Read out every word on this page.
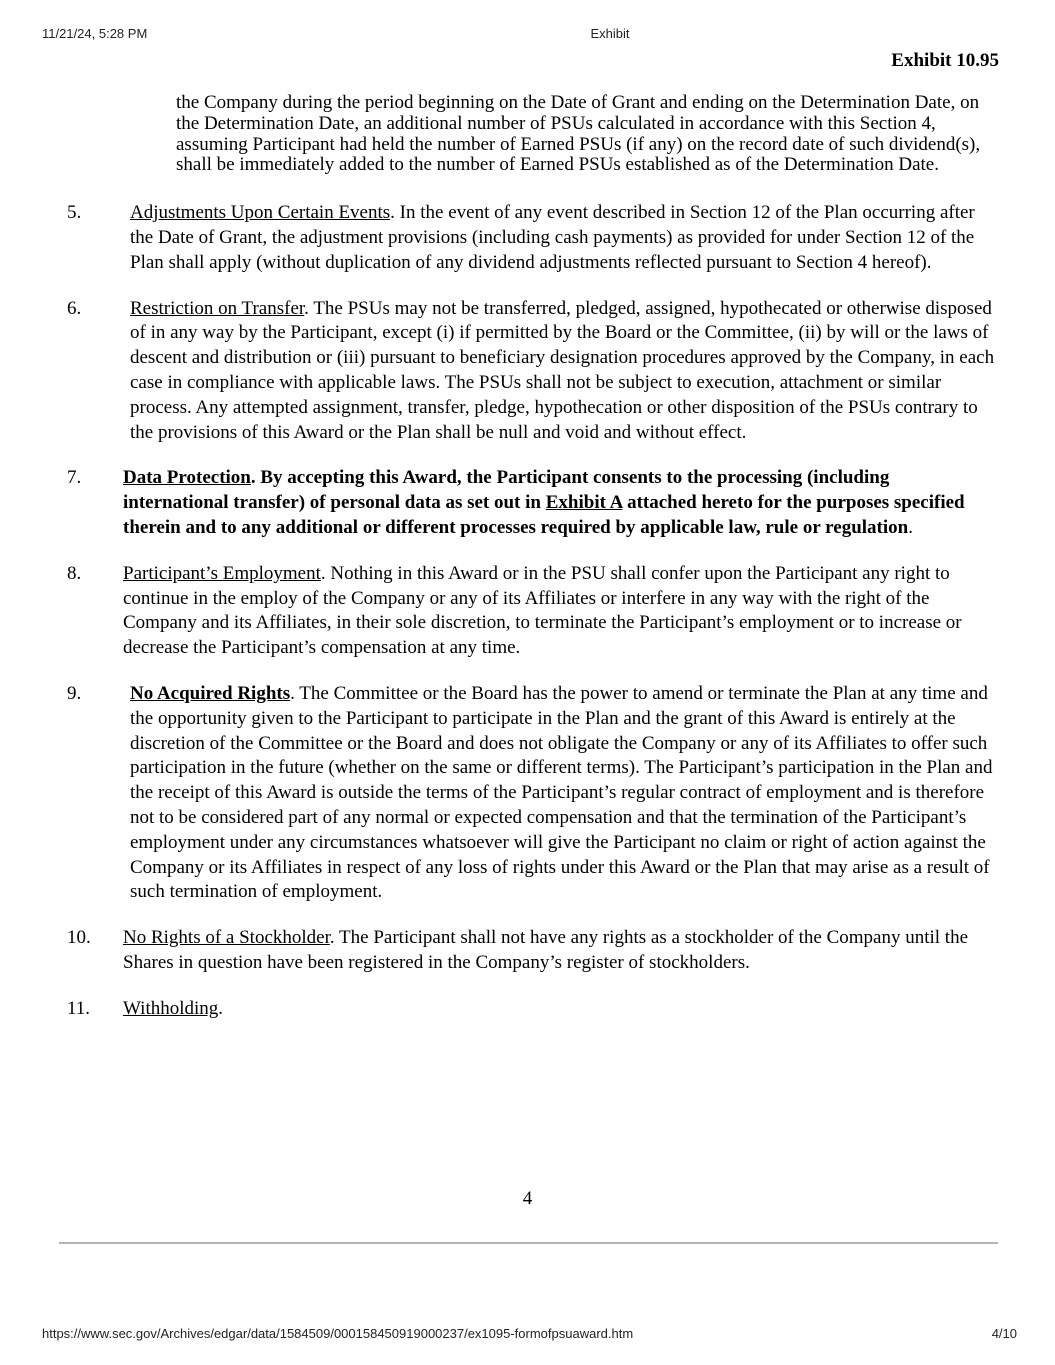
11/21/24, 5:28 PM	Exhibit
Exhibit 10.95
the Company during the period beginning on the Date of Grant and ending on the Determination Date, on the Determination Date, an additional number of PSUs calculated in accordance with this Section 4, assuming Participant had held the number of Earned PSUs (if any) on the record date of such dividend(s), shall be immediately added to the number of Earned PSUs established as of the Determination Date.
5.	Adjustments Upon Certain Events. In the event of any event described in Section 12 of the Plan occurring after the Date of Grant, the adjustment provisions (including cash payments) as provided for under Section 12 of the Plan shall apply (without duplication of any dividend adjustments reflected pursuant to Section 4 hereof).
6.	Restriction on Transfer. The PSUs may not be transferred, pledged, assigned, hypothecated or otherwise disposed of in any way by the Participant, except (i) if permitted by the Board or the Committee, (ii) by will or the laws of descent and distribution or (iii) pursuant to beneficiary designation procedures approved by the Company, in each case in compliance with applicable laws. The PSUs shall not be subject to execution, attachment or similar process. Any attempted assignment, transfer, pledge, hypothecation or other disposition of the PSUs contrary to the provisions of this Award or the Plan shall be null and void and without effect.
7. Data Protection. By accepting this Award, the Participant consents to the processing (including international transfer) of personal data as set out in Exhibit A attached hereto for the purposes specified therein and to any additional or different processes required by applicable law, rule or regulation.
8. Participant’s Employment. Nothing in this Award or in the PSU shall confer upon the Participant any right to continue in the employ of the Company or any of its Affiliates or interfere in any way with the right of the Company and its Affiliates, in their sole discretion, to terminate the Participant’s employment or to increase or decrease the Participant’s compensation at any time.
9.	No Acquired Rights. The Committee or the Board has the power to amend or terminate the Plan at any time and the opportunity given to the Participant to participate in the Plan and the grant of this Award is entirely at the discretion of the Committee or the Board and does not obligate the Company or any of its Affiliates to offer such participation in the future (whether on the same or different terms). The Participant’s participation in the Plan and the receipt of this Award is outside the terms of the Participant’s regular contract of employment and is therefore not to be considered part of any normal or expected compensation and that the termination of the Participant’s employment under any circumstances whatsoever will give the Participant no claim or right of action against the Company or its Affiliates in respect of any loss of rights under this Award or the Plan that may arise as a result of such termination of employment.
10. No Rights of a Stockholder. The Participant shall not have any rights as a stockholder of the Company until the Shares in question have been registered in the Company’s register of stockholders.
11. Withholding.
4
https://www.sec.gov/Archives/edgar/data/1584509/000158450919000237/ex1095-formofpsuaward.htm	4/10
